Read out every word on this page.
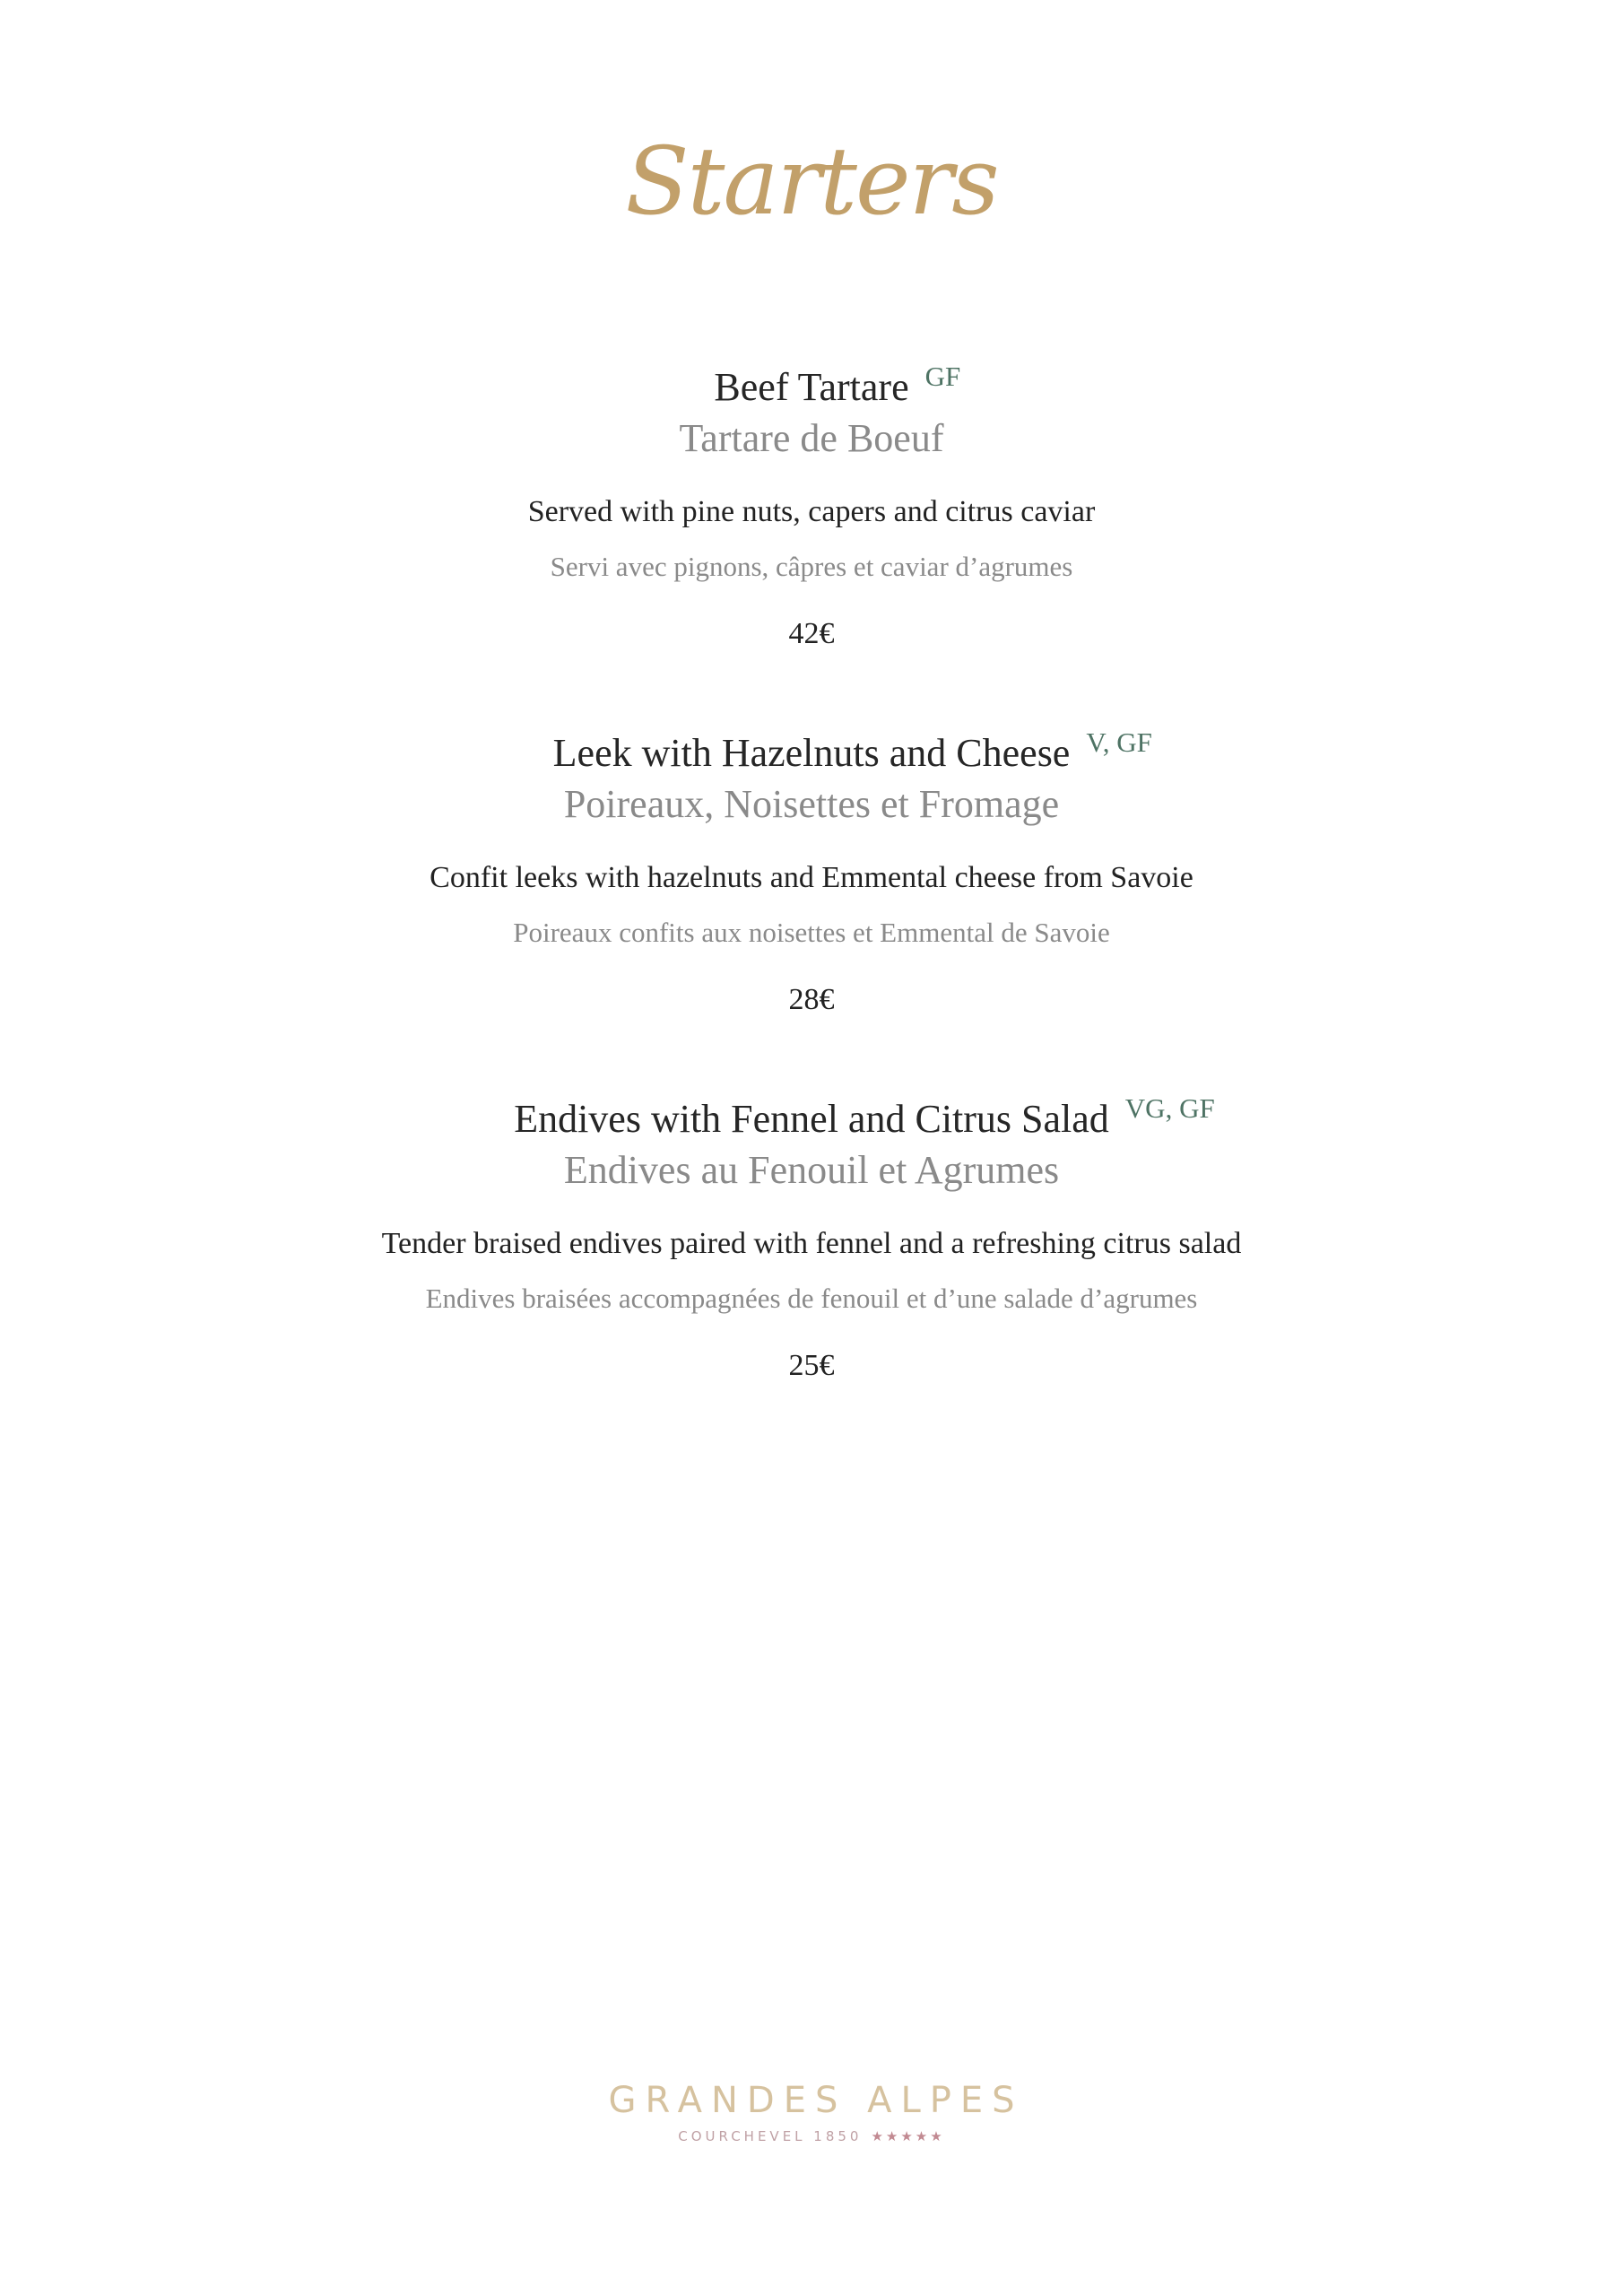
Starters
Beef Tartare GF
Tartare de Boeuf
Served with pine nuts, capers and citrus caviar
Servi avec pignons, câpres et caviar d’agrumes
42€
Leek with Hazelnuts and Cheese V, GF
Poireaux, Noisettes et Fromage
Confit leeks with hazelnuts and Emmental cheese from Savoie
Poireaux confits aux noisettes et Emmental de Savoie
28€
Endives with Fennel and Citrus Salad VG, GF
Endives au Fenouil et Agrumes
Tender braised endives paired with fennel and a refreshing citrus salad
Endives braisées accompagnées de fenouil et d’une salade d’agrumes
25€
GRANDES ALPES
COURCHEVEL 1850 ★★★★★
